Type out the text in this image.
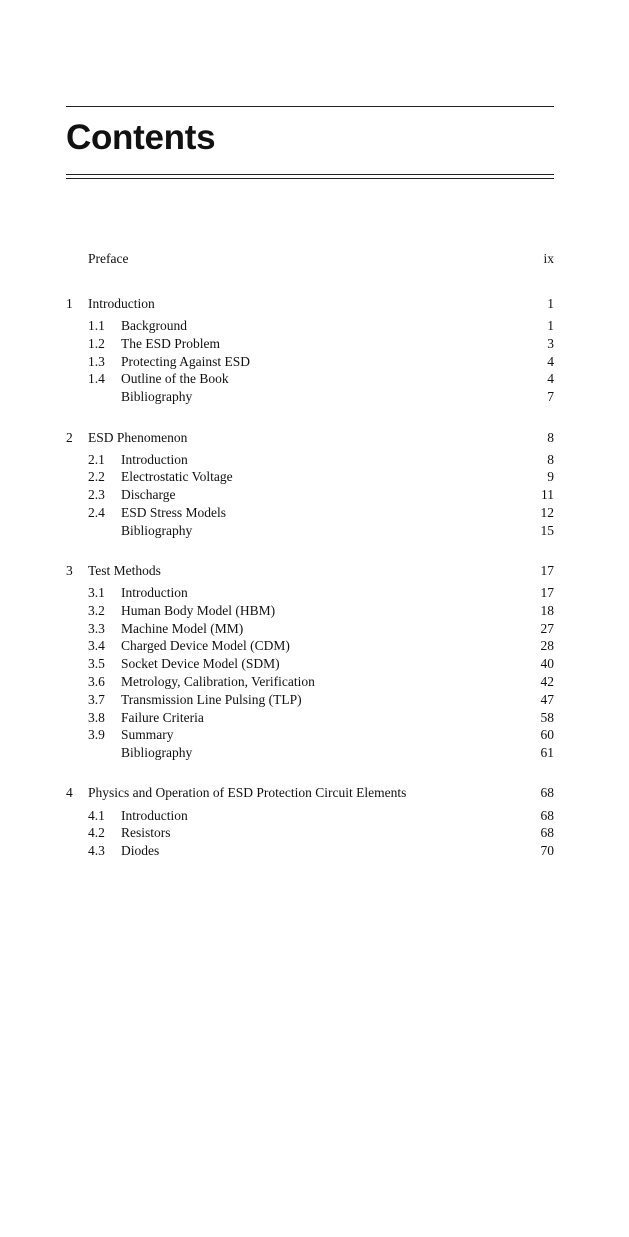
Contents
Preface	ix
1 Introduction	1
1.1 Background	1
1.2 The ESD Problem	3
1.3 Protecting Against ESD	4
1.4 Outline of the Book	4
Bibliography	7
2 ESD Phenomenon	8
2.1 Introduction	8
2.2 Electrostatic Voltage	9
2.3 Discharge	11
2.4 ESD Stress Models	12
Bibliography	15
3 Test Methods	17
3.1 Introduction	17
3.2 Human Body Model (HBM)	18
3.3 Machine Model (MM)	27
3.4 Charged Device Model (CDM)	28
3.5 Socket Device Model (SDM)	40
3.6 Metrology, Calibration, Verification	42
3.7 Transmission Line Pulsing (TLP)	47
3.8 Failure Criteria	58
3.9 Summary	60
Bibliography	61
4 Physics and Operation of ESD Protection Circuit Elements	68
4.1 Introduction	68
4.2 Resistors	68
4.3 Diodes	70
